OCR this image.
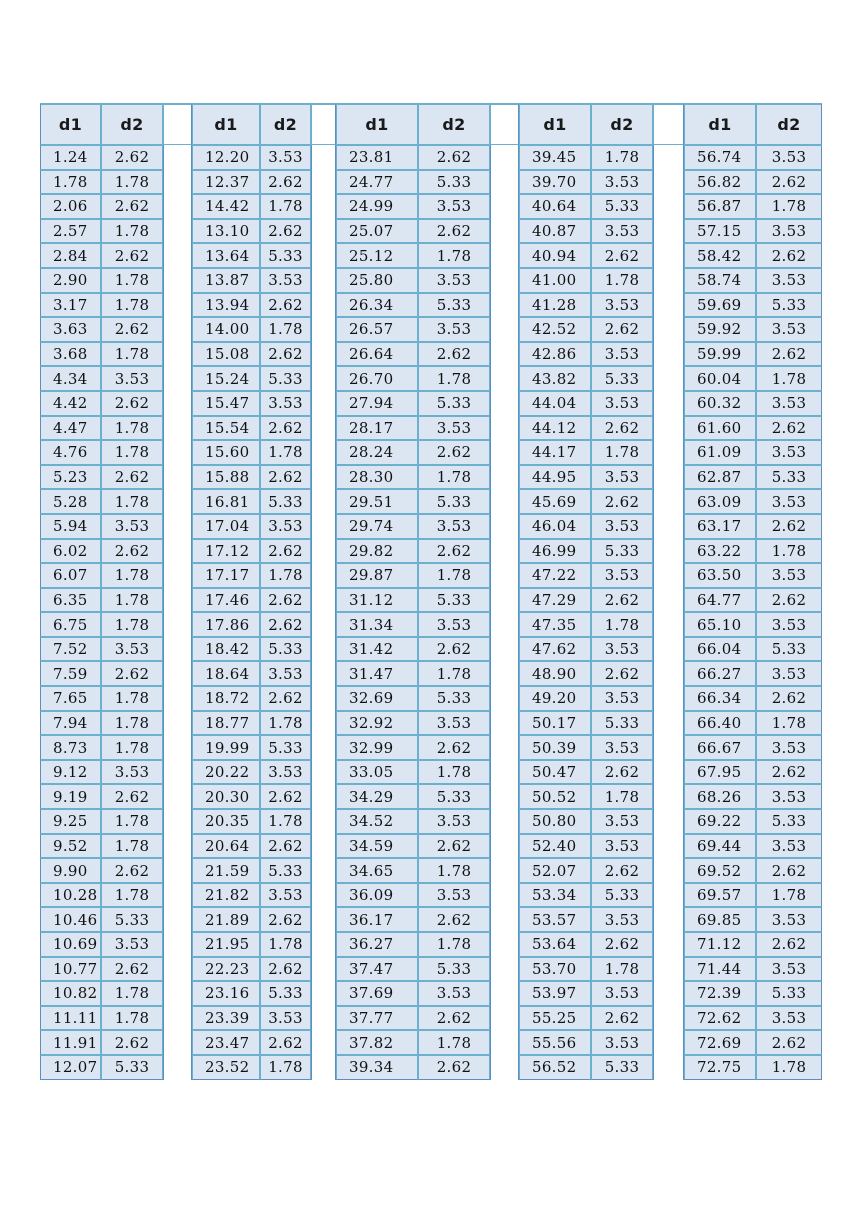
d1	d2	d1	d2	d1	d2	d1	d2	d1	d2
1.24	2.62	12.20	3.53	23.81	2.62	39.45	1.78	56.74	3.53
1.78	1.78	12.37	2.62	24.77	5.33	39.70	3.53	56.82	2.62
2.06	2.62	14.42	1.78	24.99	3.53	40.64	5.33	56.87	1.78
2.57	1.78	13.10	2.62	25.07	2.62	40.87	3.53	57.15	3.53
2.84	2.62	13.64	5.33	25.12	1.78	40.94	2.62	58.42	2.62
2.90	1.78	13.87	3.53	25.80	3.53	41.00	1.78	58.74	3.53
3.17	1.78	13.94	2.62	26.34	5.33	41.28	3.53	59.69	5.33
3.63	2.62	14.00	1.78	26.57	3.53	42.52	2.62	59.92	3.53
3.68	1.78	15.08	2.62	26.64	2.62	42.86	3.53	59.99	2.62
4.34	3.53	15.24	5.33	26.70	1.78	43.82	5.33	60.04	1.78
4.42	2.62	15.47	3.53	27.94	5.33	44.04	3.53	60.32	3.53
4.47	1.78	15.54	2.62	28.17	3.53	44.12	2.62	61.60	2.62
4.76	1.78	15.60	1.78	28.24	2.62	44.17	1.78	61.09	3.53
5.23	2.62	15.88	2.62	28.30	1.78	44.95	3.53	62.87	5.33
5.28	1.78	16.81	5.33	29.51	5.33	45.69	2.62	63.09	3.53
5.94	3.53	17.04	3.53	29.74	3.53	46.04	3.53	63.17	2.62
6.02	2.62	17.12	2.62	29.82	2.62	46.99	5.33	63.22	1.78
6.07	1.78	17.17	1.78	29.87	1.78	47.22	3.53	63.50	3.53
6.35	1.78	17.46	2.62	31.12	5.33	47.29	2.62	64.77	2.62
6.75	1.78	17.86	2.62	31.34	3.53	47.35	1.78	65.10	3.53
7.52	3.53	18.42	5.33	31.42	2.62	47.62	3.53	66.04	5.33
7.59	2.62	18.64	3.53	31.47	1.78	48.90	2.62	66.27	3.53
7.65	1.78	18.72	2.62	32.69	5.33	49.20	3.53	66.34	2.62
7.94	1.78	18.77	1.78	32.92	3.53	50.17	5.33	66.40	1.78
8.73	1.78	19.99	5.33	32.99	2.62	50.39	3.53	66.67	3.53
9.12	3.53	20.22	3.53	33.05	1.78	50.47	2.62	67.95	2.62
9.19	2.62	20.30	2.62	34.29	5.33	50.52	1.78	68.26	3.53
9.25	1.78	20.35	1.78	34.52	3.53	50.80	3.53	69.22	5.33
9.52	1.78	20.64	2.62	34.59	2.62	52.40	3.53	69.44	3.53
9.90	2.62	21.59	5.33	34.65	1.78	52.07	2.62	69.52	2.62
10.28	1.78	21.82	3.53	36.09	3.53	53.34	5.33	69.57	1.78
10.46	5.33	21.89	2.62	36.17	2.62	53.57	3.53	69.85	3.53
10.69	3.53	21.95	1.78	36.27	1.78	53.64	2.62	71.12	2.62
10.77	2.62	22.23	2.62	37.47	5.33	53.70	1.78	71.44	3.53
10.82	1.78	23.16	5.33	37.69	3.53	53.97	3.53	72.39	5.33
11.11	1.78	23.39	3.53	37.77	2.62	55.25	2.62	72.62	3.53
11.91	2.62	23.47	2.62	37.82	1.78	55.56	3.53	72.69	2.62
12.07	5.33	23.52	1.78	39.34	2.62	56.52	5.33	72.75	1.78
